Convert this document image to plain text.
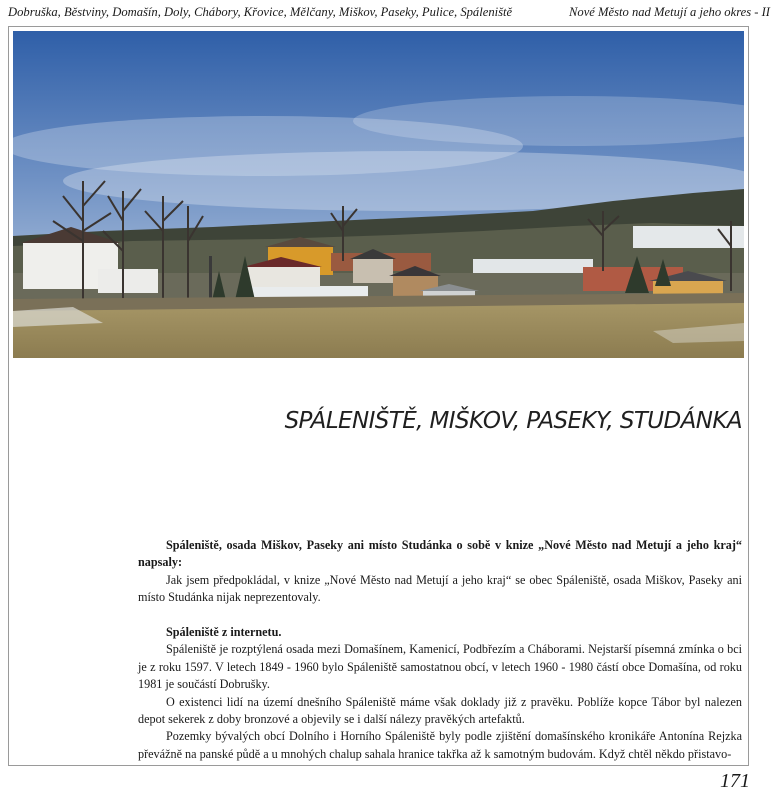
Dobruška, Běstviny, Domašín, Doly, Chábory, Křovice, Mělčany, Miškov, Paseky, Pulice, Spáleniště	Nové Město nad Metují a jeho okres - II
SPÁLENIŠTĚ, MIŠKOV, PASEKY, STUDÁNKA

Spáleniště, osada Miškov, Paseky ani místo Studánka o sobě v knize „Nové Město nad Metují a jeho kraj“ napsaly:

Jak jsem předpokládal, v knize „Nové Město nad Metují a jeho kraj“ se obec Spáleniště, osada Miškov, Paseky ani místo Studánka nijak neprezentovaly.

Spáleniště z internetu.

Spáleniště je rozptýlená osada mezi Domašínem, Kamenicí, Podbřezím a Cháborami. Nejstarší písemná zmínka o bci je z roku 1597. V letech 1849 - 1960 bylo Spáleniště samostatnou obcí, v letech 1960 - 1980 částí obce Domašína, od roku 1981 je součástí Dobrušky.

O existenci lidí na území dnešního Spáleniště máme však doklady již z pravěku. Poblíže kopce Tábor byl nalezen depot sekerek z doby bronzové a objevily se i další nálezy pravěkých artefaktů.

Pozemky bývalých obcí Dolního i Horního Spáleniště byly podle zjištění domašínského kronikáře Antonína Rejzka převážně na panské půdě a u mnohých chalup sahala hranice takřka až k samotným budovám. Když chtěl někdo přistavo-

171
